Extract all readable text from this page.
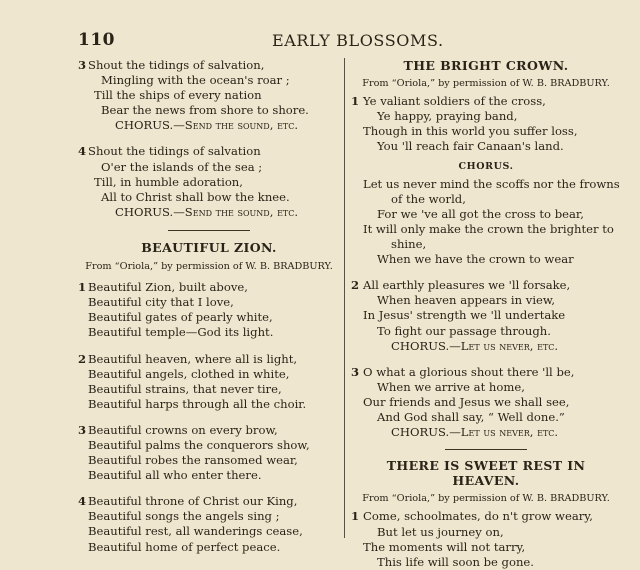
110	EARLY BLOSSOMS.
3 Shout the tidings of salvation,
Mingling with the ocean's roar ;
Till the ships of every nation
Bear the news from shore to shore.
CHORUS.—Send the sound, etc.
4 Shout the tidings of salvation
O'er the islands of the sea ;
Till, in humble adoration,
All to Christ shall bow the knee.
CHORUS.—Send the sound, etc.
BEAUTIFUL ZION.
From “Oriola,” by permission of W. B. BRADBURY.
1 Beautiful Zion, built above,
Beautiful city that I love,
Beautiful gates of pearly white,
Beautiful temple—God its light.
2 Beautiful heaven, where all is light,
Beautiful angels, clothed in white,
Beautiful strains, that never tire,
Beautiful harps through all the choir.
3 Beautiful crowns on every brow,
Beautiful palms the conquerors show,
Beautiful robes the ransomed wear,
Beautiful all who enter there.
4 Beautiful throne of Christ our King,
Beautiful songs the angels sing ;
Beautiful rest, all wanderings cease,
Beautiful home of perfect peace.
THE BRIGHT CROWN.
From “Oriola,” by permission of W. B. BRADBURY.
1 Ye valiant soldiers of the cross,
Ye happy, praying band,
Though in this world you suffer loss,
You 'll reach fair Canaan's land.
CHORUS.
Let us never mind the scoffs nor the frowns
of the world,
For we 've all got the cross to bear,
It will only make the crown the brighter to
shine,
When we have the crown to wear
2 All earthly pleasures we 'll forsake,
When heaven appears in view,
In Jesus' strength we 'll undertake
To fight our passage through.
CHORUS.—Let us never, etc.
3 O what a glorious shout there 'll be,
When we arrive at home,
Our friends and Jesus we shall see,
And God shall say, “ Well done.”
CHORUS.—Let us never, etc.
THERE IS SWEET REST IN HEAVEN.
From “Oriola,” by permission of W. B. BRADBURY.
1 Come, schoolmates, do n't grow weary,
But let us journey on,
The moments will not tarry,
This life will soon be gone.
